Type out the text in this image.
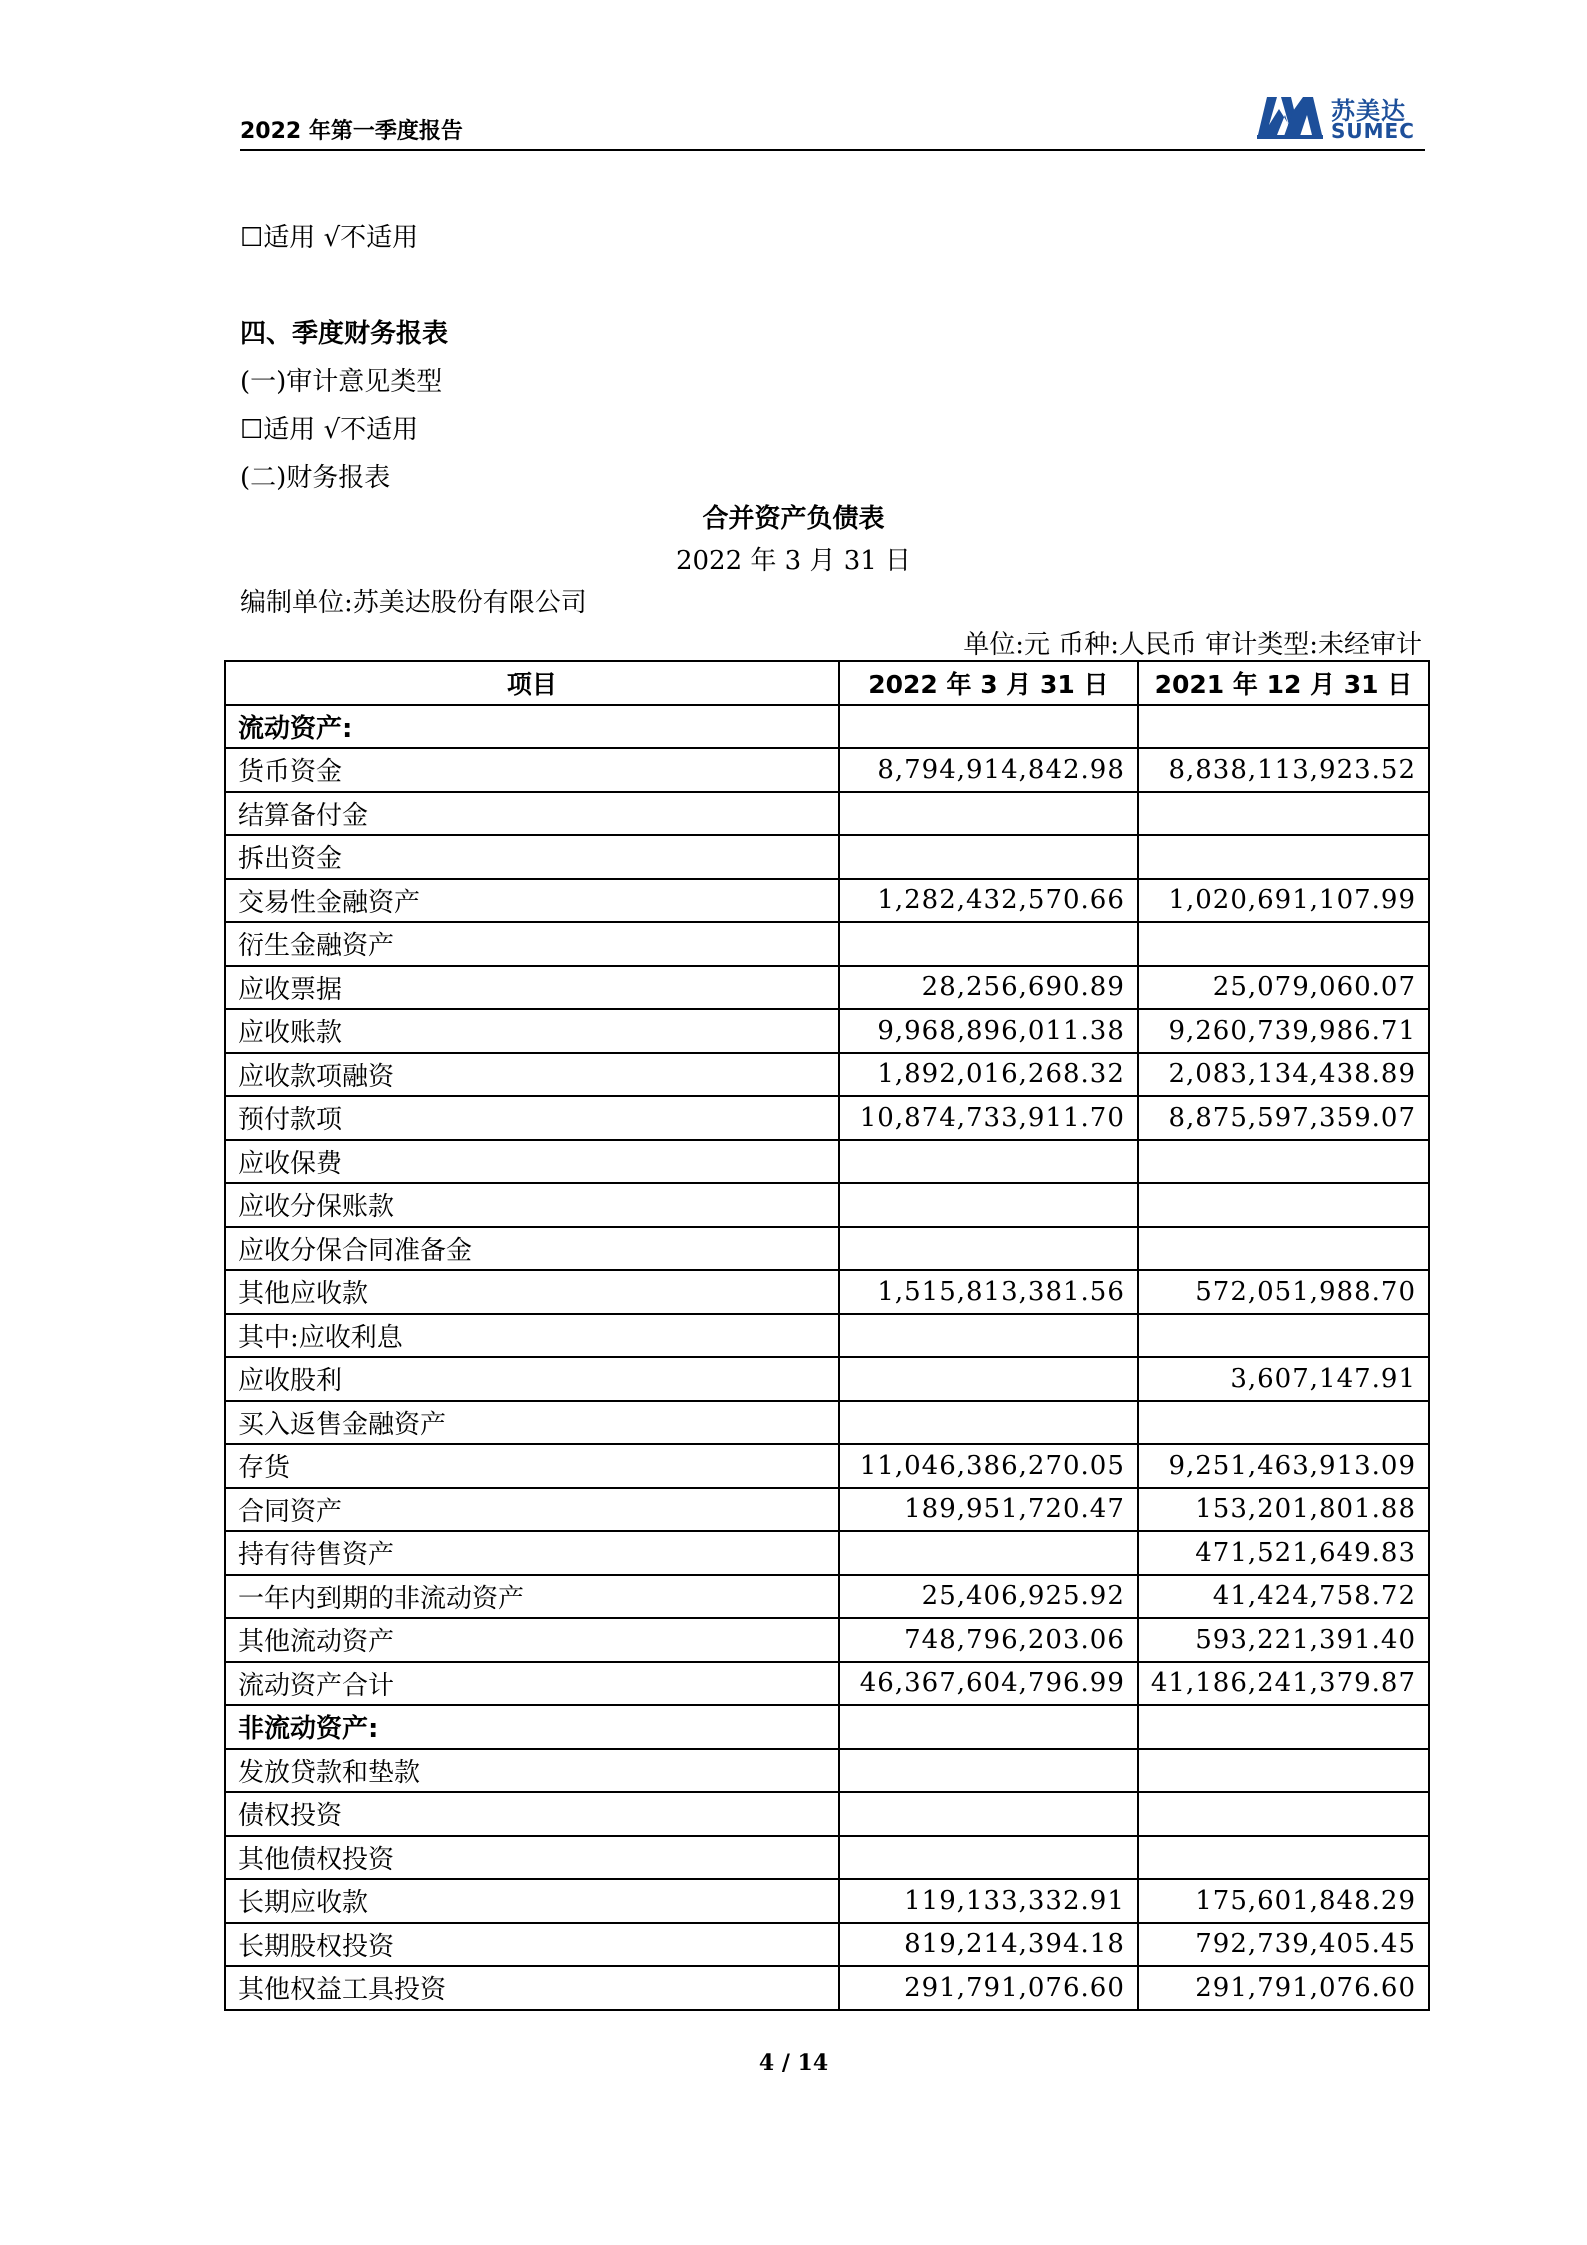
2022 年第一季度报告
苏美达
SUMEC
☐适用 √不适用
四、季度财务报表
(一)审计意见类型
☐适用 √不适用
(二)财务报表
合并资产负债表
2022 年 3 月 31 日
编制单位:苏美达股份有限公司
单位:元 币种:人民币 审计类型:未经审计
项目	2022 年 3 月 31 日	2021 年 12 月 31 日
流动资产:		
货币资金	8,794,914,842.98	8,838,113,923.52
结算备付金		
拆出资金		
交易性金融资产	1,282,432,570.66	1,020,691,107.99
衍生金融资产		
应收票据	28,256,690.89	25,079,060.07
应收账款	9,968,896,011.38	9,260,739,986.71
应收款项融资	1,892,016,268.32	2,083,134,438.89
预付款项	10,874,733,911.70	8,875,597,359.07
应收保费		
应收分保账款		
应收分保合同准备金		
其他应收款	1,515,813,381.56	572,051,988.70
其中:应收利息		
应收股利		3,607,147.91
买入返售金融资产		
存货	11,046,386,270.05	9,251,463,913.09
合同资产	189,951,720.47	153,201,801.88
持有待售资产		471,521,649.83
一年内到期的非流动资产	25,406,925.92	41,424,758.72
其他流动资产	748,796,203.06	593,221,391.40
流动资产合计	46,367,604,796.99	41,186,241,379.87
非流动资产:		
发放贷款和垫款		
债权投资		
其他债权投资		
长期应收款	119,133,332.91	175,601,848.29
长期股权投资	819,214,394.18	792,739,405.45
其他权益工具投资	291,791,076.60	291,791,076.60
4 / 14
